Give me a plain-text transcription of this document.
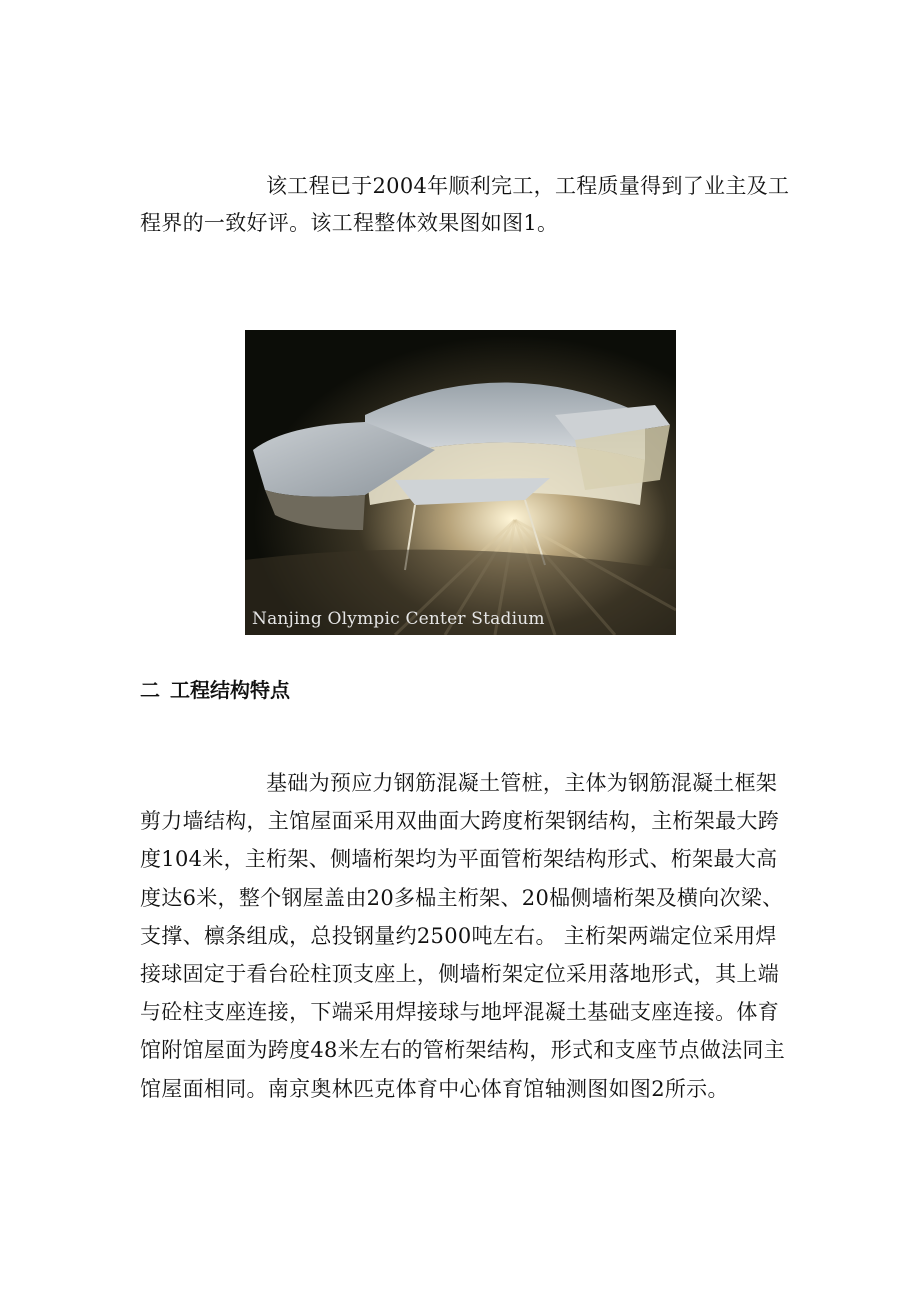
该工程已于2004年顺利完工，工程质量得到了业主及工程界的一致好评。该工程整体效果图如图1。
Nanjing Olympic Center Stadium
二 工程结构特点
基础为预应力钢筋混凝土管桩，主体为钢筋混凝土框架剪力墙结构，主馆屋面采用双曲面大跨度桁架钢结构，主桁架最大跨度104米，主桁架、侧墙桁架均为平面管桁架结构形式、桁架最大高度达6米，整个钢屋盖由20多榀主桁架、20榀侧墙桁架及横向次梁、支撑、檩条组成，总投钢量约2500吨左右。 主桁架两端定位采用焊接球固定于看台砼柱顶支座上，侧墙桁架定位采用落地形式，其上端与砼柱支座连接，下端采用焊接球与地坪混凝土基础支座连接。体育馆附馆屋面为跨度48米左右的管桁架结构，形式和支座节点做法同主馆屋面相同。南京奥林匹克体育中心体育馆轴测图如图2所示。
